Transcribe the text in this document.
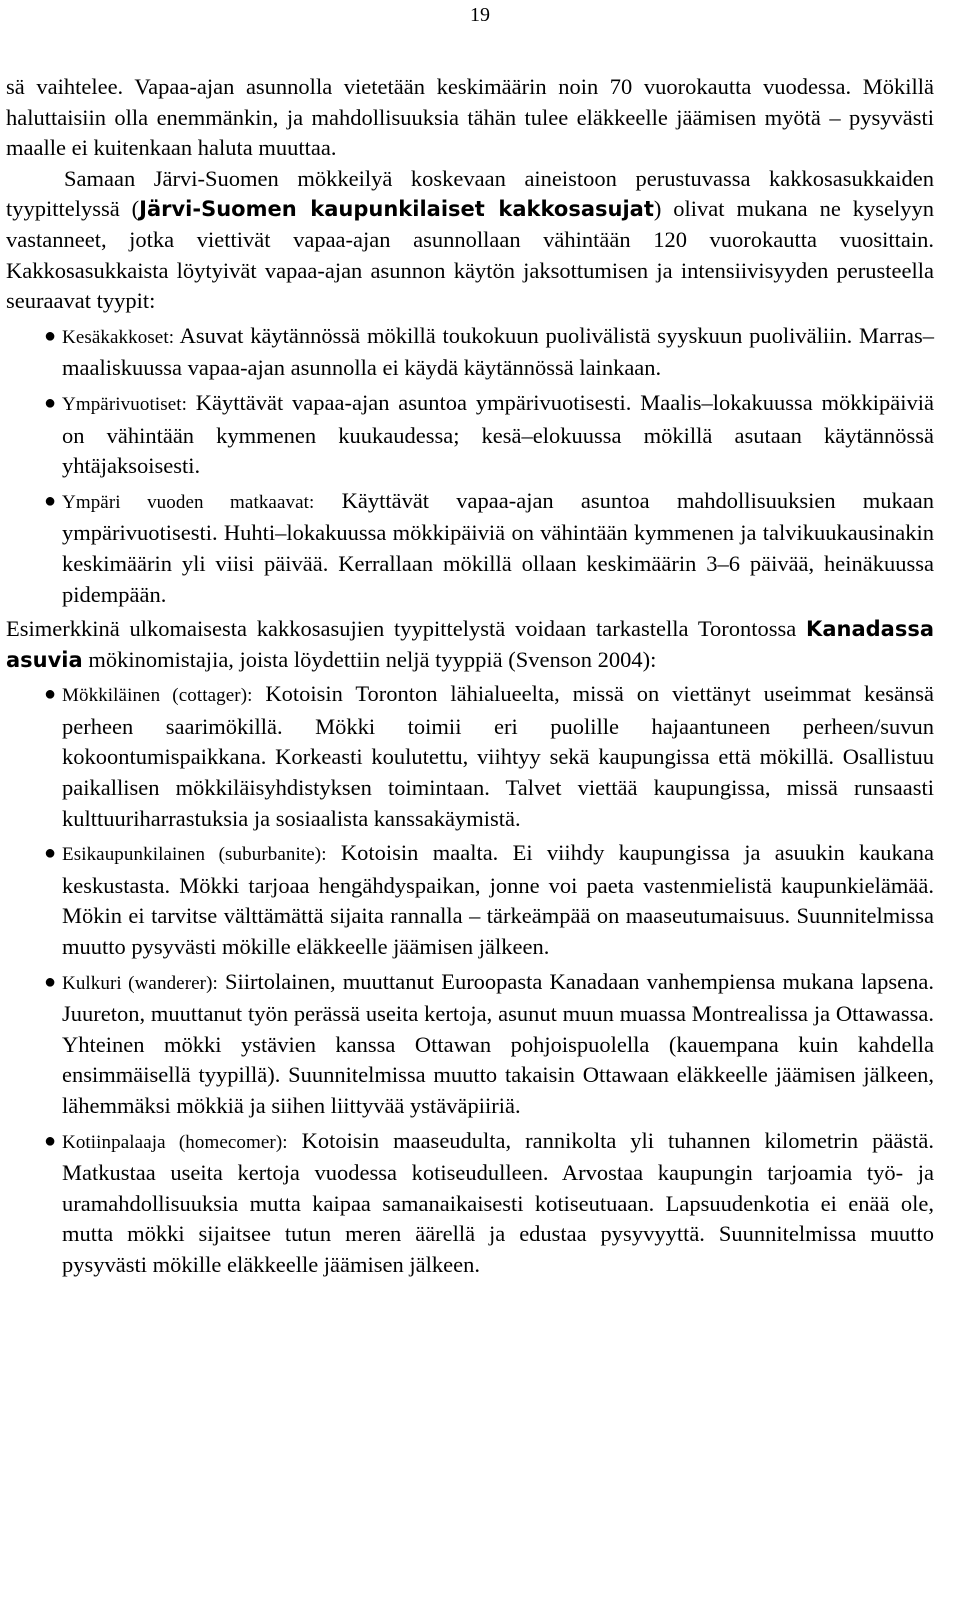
19

sä vaihtelee. Vapaa-ajan asunnolla vietetään keskimäärin noin 70 vuorokautta vuodessa. Mökillä haluttaisiin olla enemmänkin, ja mahdollisuuksia tähän tulee eläkkeelle jäämisen myötä – pysyvästi maalle ei kuitenkaan haluta muuttaa.

Samaan Järvi-Suomen mökkeilyä koskevaan aineistoon perustuvassa kakkosasukkaiden tyypittelyssä (Järvi-Suomen kaupunkilaiset kakkosasujat) olivat mukana ne kyselyyn vastanneet, jotka viettivät vapaa-ajan asunnollaan vähintään 120 vuorokautta vuosittain. Kakkosasukkaista löytyivät vapaa-ajan asunnon käytön jaksottumisen ja intensiivisyyden perusteella seuraavat tyypit:

● Kesäkakkoset: Asuvat käytännössä mökillä toukokuun puolivälistä syyskuun puoliväliin. Marras–maaliskuussa vapaa-ajan asunnolla ei käydä käytännössä lainkaan.
● Ympärivuotiset: Käyttävät vapaa-ajan asuntoa ympärivuotisesti. Maalis–lokakuussa mökkipäiviä on vähintään kymmenen kuukaudessa; kesä–elokuussa mökillä asutaan käytännössä yhtäjaksoisesti.
● Ympäri vuoden matkaavat: Käyttävät vapaa-ajan asuntoa mahdollisuuksien mukaan ympärivuotisesti. Huhti–lokakuussa mökkipäiviä on vähintään kymmenen ja talvikuukausinakin keskimäärin yli viisi päivää. Kerrallaan mökillä ollaan keskimäärin 3–6 päivää, heinäkuussa pidempään.

Esimerkkinä ulkomaisesta kakkosasujien tyypittelystä voidaan tarkastella Torontossa Kanadassa asuvia mökinomistajia, joista löydettiin neljä tyyppiä (Svenson 2004):

● Mökkiläinen (cottager): Kotoisin Toronton lähialueelta, missä on viettänyt useimmat kesänsä perheen saarimökillä. Mökki toimii eri puolille hajaantuneen perheen/suvun kokoontumispaikkana. Korkeasti koulutettu, viihtyy sekä kaupungissa että mökillä. Osallistuu paikallisen mökkiläisyhdistyksen toimintaan. Talvet viettää kaupungissa, missä runsaasti kulttuuriharrastuksia ja sosiaalista kanssakäymistä.
● Esikaupunkilainen (suburbanite): Kotoisin maalta. Ei viihdy kaupungissa ja asuukin kaukana keskustasta. Mökki tarjoaa hengähdyspaikan, jonne voi paeta vastenmielistä kaupunkielämää. Mökin ei tarvitse välttämättä sijaita rannalla – tärkeämpää on maaseutumaisuus. Suunnitelmissa muutto pysyvästi mökille eläkkeelle jäämisen jälkeen.
● Kulkuri (wanderer): Siirtolainen, muuttanut Euroopasta Kanadaan vanhempiensa mukana lapsena. Juureton, muuttanut työn perässä useita kertoja, asunut muun muassa Montrealissa ja Ottawassa. Yhteinen mökki ystävien kanssa Ottawan pohjoispuolella (kauempana kuin kahdella ensimmäisellä tyypillä). Suunnitelmissa muutto takaisin Ottawaan eläkkeelle jäämisen jälkeen, lähemmäksi mökkiä ja siihen liittyvää ystäväpiiriä.
● Kotiinpalaaja (homecomer): Kotoisin maaseudulta, rannikolta yli tuhannen kilometrin päästä. Matkustaa useita kertoja vuodessa kotiseudulleen. Arvostaa kaupungin tarjoamia työ- ja uramahdollisuuksia mutta kaipaa samanaikaisesti kotiseutuaan. Lapsuudenkotia ei enää ole, mutta mökki sijaitsee tutun meren äärellä ja edustaa pysyvyyttä. Suunnitelmissa muutto pysyvästi mökille eläkkeelle jäämisen jälkeen.
